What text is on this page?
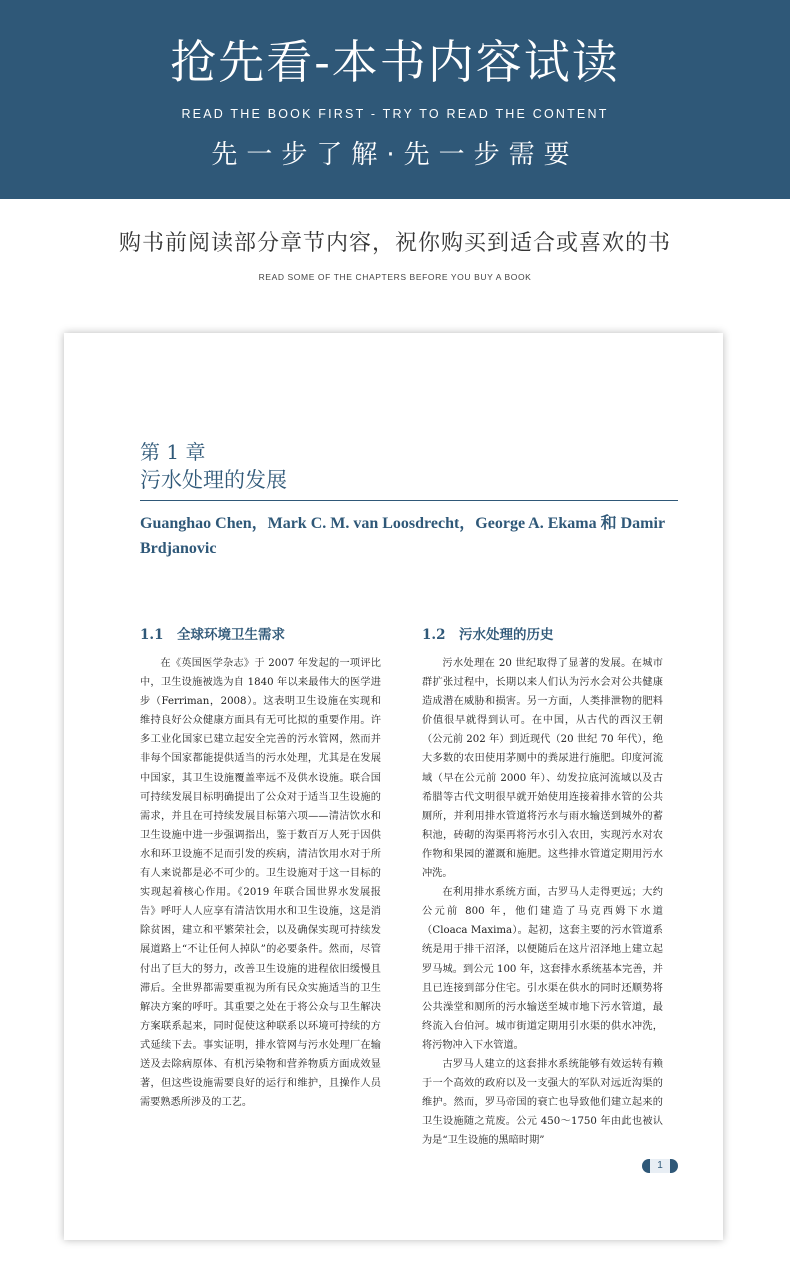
抢先看-本书内容试读
READ THE BOOK FIRST - TRY TO READ THE CONTENT
先一步了解·先一步需要
购书前阅读部分章节内容，祝你购买到适合或喜欢的书
READ SOME OF THE CHAPTERS BEFORE YOU BUY A BOOK
第 1 章
污水处理的发展
Guanghao Chen，Mark C. M. van Loosdrecht，George A. Ekama 和 Damir Brdjanovic
1.1　全球环境卫生需求

在《英国医学杂志》于 2007 年发起的一项评比中，卫生设施被选为自 1840 年以来最伟大的医学进步（Ferriman，2008）。这表明卫生设施在实现和维持良好公众健康方面具有无可比拟的重要作用。许多工业化国家已建立起安全完善的污水管网，然而并非每个国家都能提供适当的污水处理，尤其是在发展中国家，其卫生设施覆盖率远不及供水设施。联合国可持续发展目标明确提出了公众对于适当卫生设施的需求，并且在可持续发展目标第六项——清洁饮水和卫生设施中进一步强调指出，鉴于数百万人死于因供水和环卫设施不足而引发的疾病，清洁饮用水对于所有人来说都是必不可少的。卫生设施对于这一目标的实现起着核心作用。《2019 年联合国世界水发展报告》呼吁人人应享有清洁饮用水和卫生设施，这是消除贫困，建立和平繁荣社会，以及确保实现可持续发展道路上“不让任何人掉队”的必要条件。然而，尽管付出了巨大的努力，改善卫生设施的进程依旧缓慢且滞后。全世界都需要重视为所有民众实施适当的卫生解决方案的呼吁。其重要之处在于将公众与卫生解决方案联系起来，同时促使这种联系以环境可持续的方式延续下去。事实证明，排水管网与污水处理厂在输送及去除病原体、有机污染物和营养物质方面成效显著，但这些设施需要良好的运行和维护，且操作人员需要熟悉所涉及的工艺。

1.2　污水处理的历史

污水处理在 20 世纪取得了显著的发展。在城市群扩张过程中，长期以来人们认为污水会对公共健康造成潜在威胁和损害。另一方面，人类排泄物的肥料价值很早就得到认可。在中国，从古代的西汉王朝（公元前 202 年）到近现代（20 世纪 70 年代），绝大多数的农田使用茅厕中的粪尿进行施肥。印度河流域（早在公元前 2000 年）、幼发拉底河流域以及古希腊等古代文明很早就开始使用连接着排水管的公共厕所，并利用排水管道将污水与雨水输送到城外的蓄积池，砖砌的沟渠再将污水引入农田，实现污水对农作物和果园的灌溉和施肥。这些排水管道定期用污水冲洗。

在利用排水系统方面，古罗马人走得更远；大约公元前 800 年，他们建造了马克西姆下水道（Cloaca Maxima）。起初，这套主要的污水管道系统是用于排干沼泽，以便随后在这片沼泽地上建立起罗马城。到公元 100 年，这套排水系统基本完善，并且已连接到部分住宅。引水渠在供水的同时还顺势将公共澡堂和厕所的污水输送至城市地下污水管道，最终流入台伯河。城市街道定期用引水渠的供水冲洗，将污物冲入下水管道。

古罗马人建立的这套排水系统能够有效运转有赖于一个高效的政府以及一支强大的军队对远近沟渠的维护。然而，罗马帝国的衰亡也导致他们建立起来的卫生设施随之荒废。公元 450～1750 年由此也被认为是“卫生设施的黑暗时期”

1
